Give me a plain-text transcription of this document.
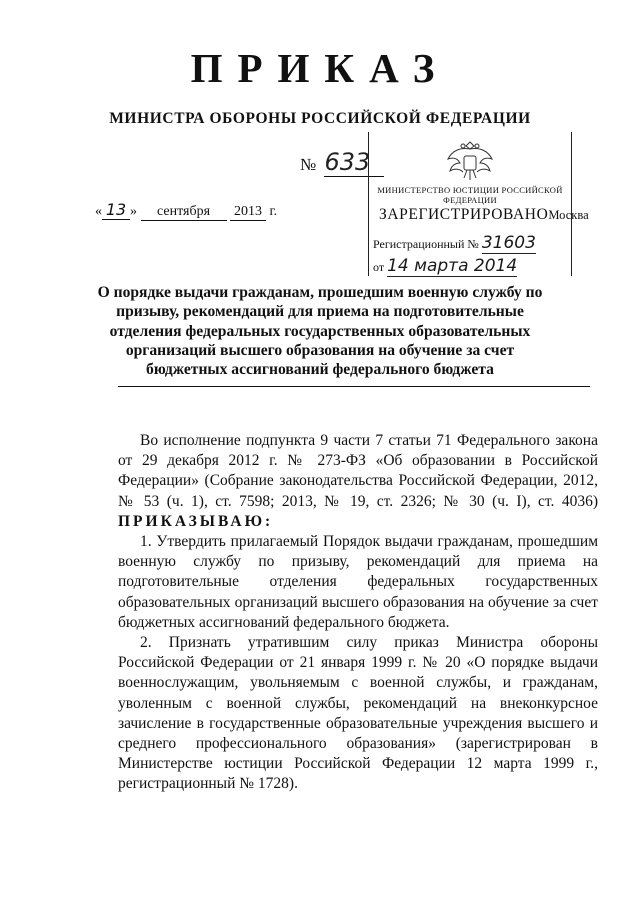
ПРИКАЗ
МИНИСТРА ОБОРОНЫ РОССИЙСКОЙ ФЕДЕРАЦИИ
№ 633
« 13 » сентября 2013 г.
МИНИСТЕРСТВО ЮСТИЦИИ РОССИЙСКОЙ ФЕДЕРАЦИИ
ЗАРЕГИСТРИРОВАНОМосква
Регистрационный № 31603
от 14 марта 2014
О порядке выдачи гражданам, прошедшим военную службу по призыву, рекомендаций для приема на подготовительные отделения федеральных государственных образовательных организаций высшего образования на обучение за счет бюджетных ассигнований федерального бюджета

Во исполнение подпункта 9 части 7 статьи 71 Федерального закона от 29 декабря 2012 г. № 273-ФЗ «Об образовании в Российской Федерации» (Собрание законодательства Российской Федерации, 2012, № 53 (ч. 1), ст. 7598; 2013, № 19, ст. 2326; № 30 (ч. I), ст. 4036) ПРИКАЗЫВАЮ:

1. Утвердить прилагаемый Порядок выдачи гражданам, прошедшим военную службу по призыву, рекомендаций для приема на подготовительные отделения федеральных государственных образовательных организаций высшего образования на обучение за счет бюджетных ассигнований федерального бюджета.

2. Признать утратившим силу приказ Министра обороны Российской Федерации от 21 января 1999 г. № 20 «О порядке выдачи военнослужащим, увольняемым с военной службы, и гражданам, уволенным с военной службы, рекомендаций на внеконкурсное зачисление в государственные образовательные учреждения высшего и среднего профессионального образования» (зарегистрирован в Министерстве юстиции Российской Федерации 12 марта 1999 г., регистрационный № 1728).
